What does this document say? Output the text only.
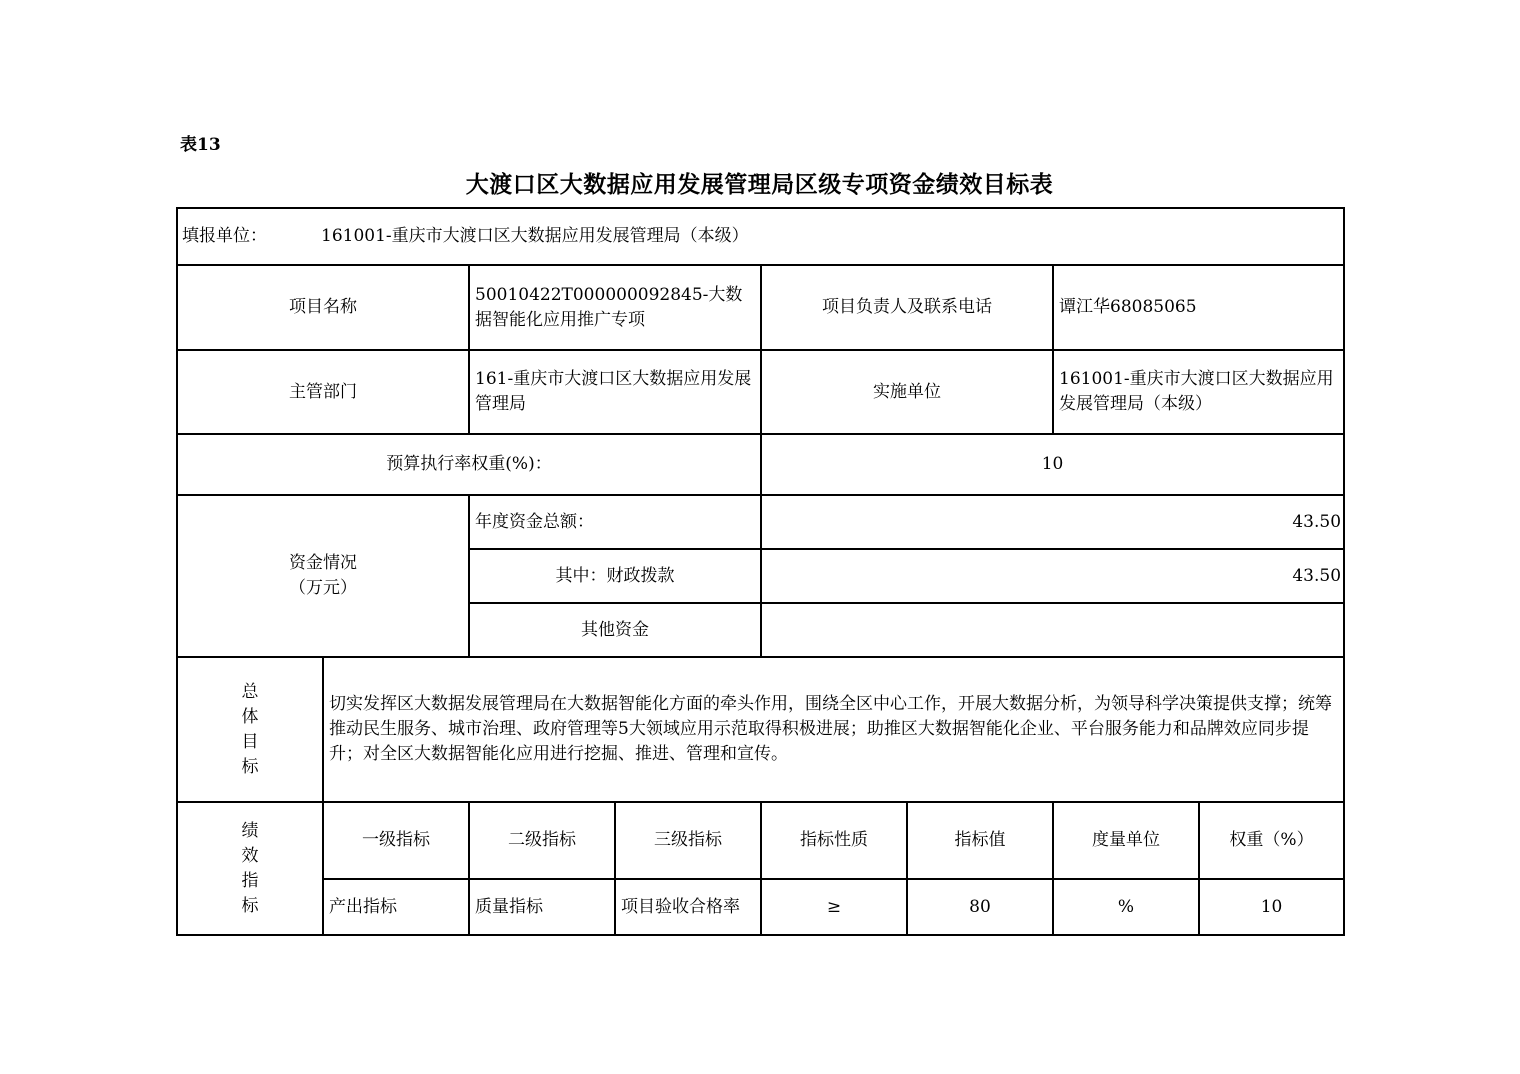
表13
大渡口区大数据应用发展管理局区级专项资金绩效目标表
填报单位： 161001-重庆市大渡口区大数据应用发展管理局（本级）							
项目名称		50010422T000000092845-大数据智能化应用推广专项		项目负责人及联系电话		谭江华68085065	
主管部门		161-重庆市大渡口区大数据应用发展管理局		实施单位		161001-重庆市大渡口区大数据应用发展管理局（本级）	
预算执行率权重(%)：				10			
资金情况
（万元）		年度资金总额：		43.50			
		其中：财政拨款		43.50			
		其他资金					

总
体
目
标	切实发挥区大数据发展管理局在大数据智能化方面的牵头作用，围绕全区中心工作，开展大数据分析，为领导科学决策提供支撑；统筹推动民生服务、城市治理、政府管理等5大领域应用示范取得积极进展；助推区大数据智能化企业、平台服务能力和品牌效应同步提升；对全区大数据智能化应用进行挖掘、推进、管理和宣传。						

绩
效
指
标	一级指标	二级指标	三级指标	指标性质	指标值	度量单位	权重（%）
	产出指标	质量指标	项目验收合格率	≥	80	%	10
